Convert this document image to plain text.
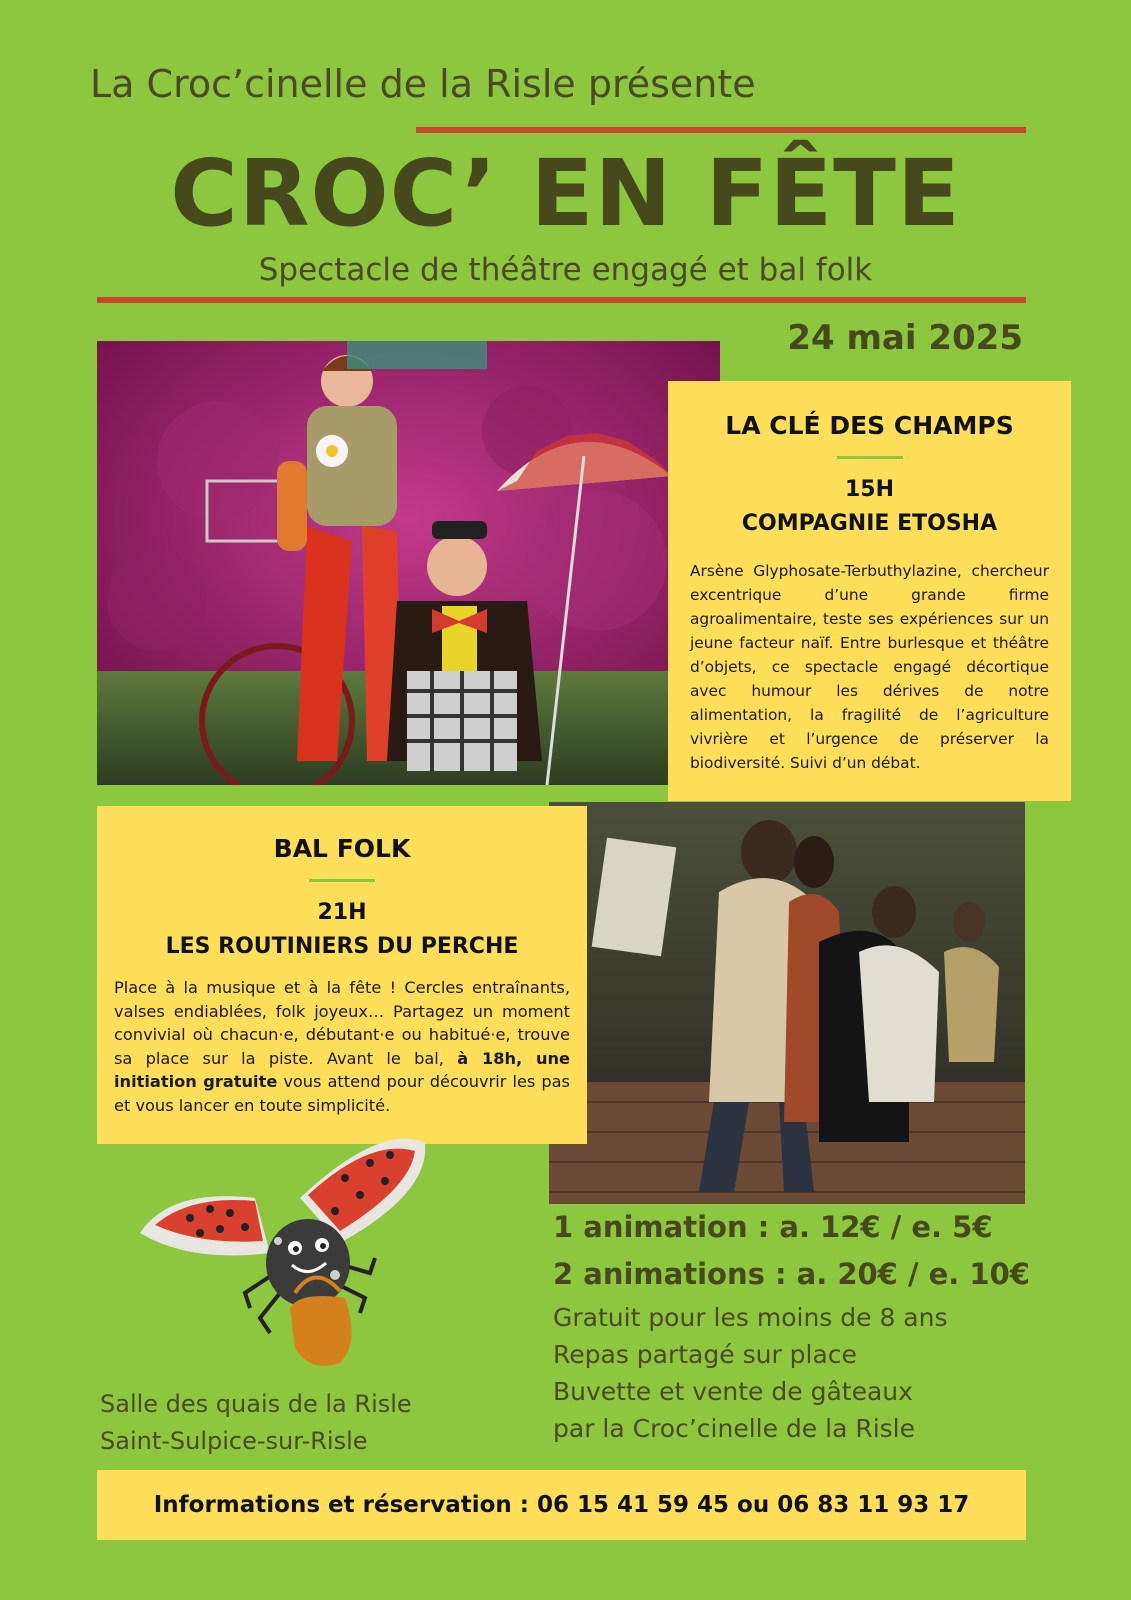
La Croc’cinelle de la Risle présente
CROC’ EN FÊTE
Spectacle de théâtre engagé et bal folk
24 mai 2025
LA CLÉ DES CHAMPS
15H
COMPAGNIE ETOSHA
Arsène Glyphosate-Terbuthylazine, chercheur excentrique d’une grande firme agroalimentaire, teste ses expériences sur un jeune facteur naïf. Entre burlesque et théâtre d’objets, ce spectacle engagé décortique avec humour les dérives de notre alimentation, la fragilité de l’agriculture vivrière et l’urgence de préserver la biodiversité. Suivi d’un débat.
BAL FOLK
21H
LES ROUTINIERS DU PERCHE
Place à la musique et à la fête ! Cercles entraînants, valses endiablées, folk joyeux… Partagez un moment convivial où chacun·e, débutant·e ou habitué·e, trouve sa place sur la piste. Avant le bal, à 18h, une initiation gratuite vous attend pour découvrir les pas et vous lancer en toute simplicité.
1 animation : a. 12€ / e. 5€
2 animations : a. 20€ / e. 10€
Gratuit pour les moins de 8 ans
Repas partagé sur place
Buvette et vente de gâteaux
par la Croc’cinelle de la Risle
Salle des quais de la Risle
Saint-Sulpice-sur-Risle
Informations et réservation : 06 15 41 59 45 ou 06 83 11 93 17
